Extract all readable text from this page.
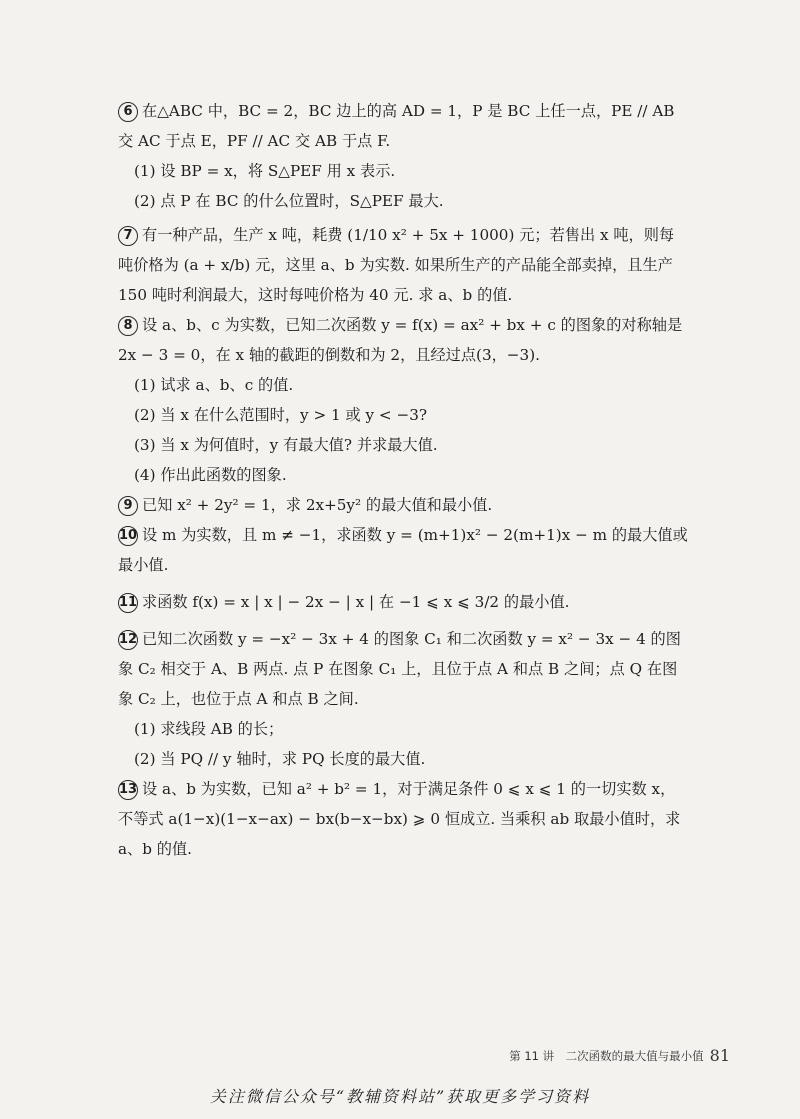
6 在△ABC 中，BC = 2，BC 边上的高 AD = 1，P 是 BC 上任一点，PE // AB 交 AC 于点 E，PF // AC 交 AB 于点 F.
(1) 设 BP = x，将 S△PEF 用 x 表示.
(2) 点 P 在 BC 的什么位置时，S△PEF 最大.
7 有一种产品，生产 x 吨，耗费 (1/10 x² + 5x + 1000) 元；若售出 x 吨，则每吨价格为 (a + x/b) 元，这里 a、b 为实数. 如果所生产的产品能全部卖掉，且生产 150 吨时利润最大，这时每吨价格为 40 元. 求 a、b 的值.
8 设 a、b、c 为实数，已知二次函数 y = f(x) = ax² + bx + c 的图象的对称轴是 2x − 3 = 0，在 x 轴的截距的倒数和为 2，且经过点(3，−3).
(1) 试求 a、b、c 的值.
(2) 当 x 在什么范围时，y > 1 或 y < −3?
(3) 当 x 为何值时，y 有最大值? 并求最大值.
(4) 作出此函数的图象.
9 已知 x² + 2y² = 1，求 2x+5y² 的最大值和最小值.
10 设 m 为实数，且 m ≠ −1，求函数 y = (m+1)x² − 2(m+1)x − m 的最大值或最小值.
11 求函数 f(x) = x | x | − 2x − | x | 在 −1 ⩽ x ⩽ 3/2 的最小值.
12 已知二次函数 y = −x² − 3x + 4 的图象 C₁ 和二次函数 y = x² − 3x − 4 的图象 C₂ 相交于 A、B 两点. 点 P 在图象 C₁ 上，且位于点 A 和点 B 之间；点 Q 在图象 C₂ 上，也位于点 A 和点 B 之间.
(1) 求线段 AB 的长；
(2) 当 PQ // y 轴时，求 PQ 长度的最大值.
13 设 a、b 为实数，已知 a² + b² = 1，对于满足条件 0 ⩽ x ⩽ 1 的一切实数 x，不等式 a(1−x)(1−x−ax) − bx(b−x−bx) ⩾ 0 恒成立. 当乘积 ab 取最小值时，求 a、b 的值.
第 11 讲　二次函数的最大值与最小值 81
关注微信公众号“教辅资料站”获取更多学习资料
